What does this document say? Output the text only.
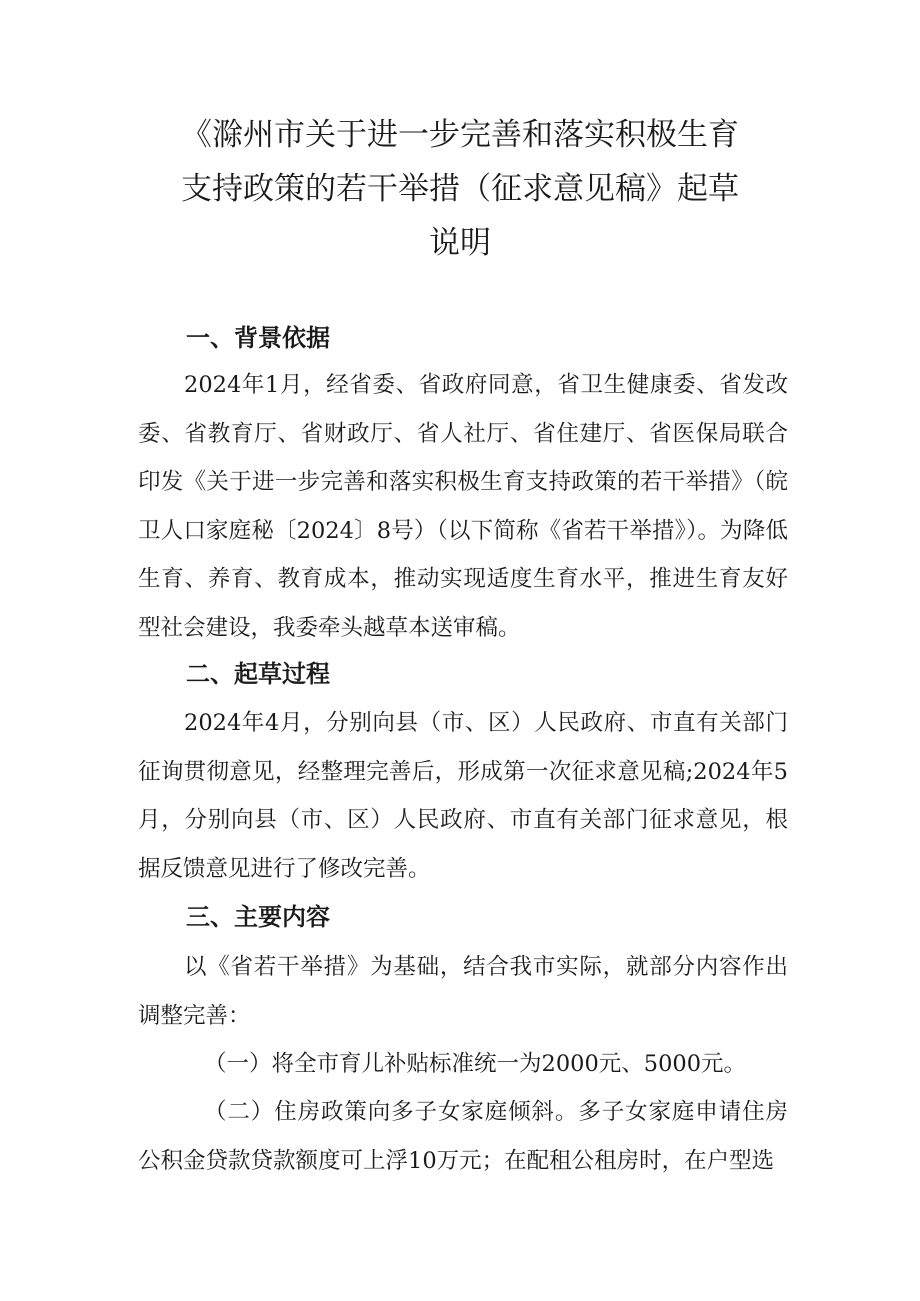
《滁州市关于进一步完善和落实积极生育
支持政策的若干举措（征求意见稿》起草
说明
一、背景依据

2024年1月，经省委、省政府同意，省卫生健康委、省发改委、省教育厅、省财政厅、省人社厅、省住建厅、省医保局联合印发《关于进一步完善和落实积极生育支持政策的若干举措》（皖卫人口家庭秘〔2024〕8号）（以下简称《省若干举措》）。为降低生育、养育、教育成本，推动实现适度生育水平，推进生育友好型社会建设，我委牵头越草本送审稿。

二、起草过程

2024年4月，分别向县（市、区）人民政府、市直有关部门征询贯彻意见，经整理完善后，形成第一次征求意见稿;2024年5月，分别向县（市、区）人民政府、市直有关部门征求意见，根据反馈意见进行了修改完善。

三、主要内容

以《省若干举措》为基础，结合我市实际，就部分内容作出调整完善：

（一）将全市育儿补贴标准统一为2000元、5000元。

（二）住房政策向多子女家庭倾斜。多子女家庭申请住房公积金贷款贷款额度可上浮10万元；在配租公租房时，在户型选
